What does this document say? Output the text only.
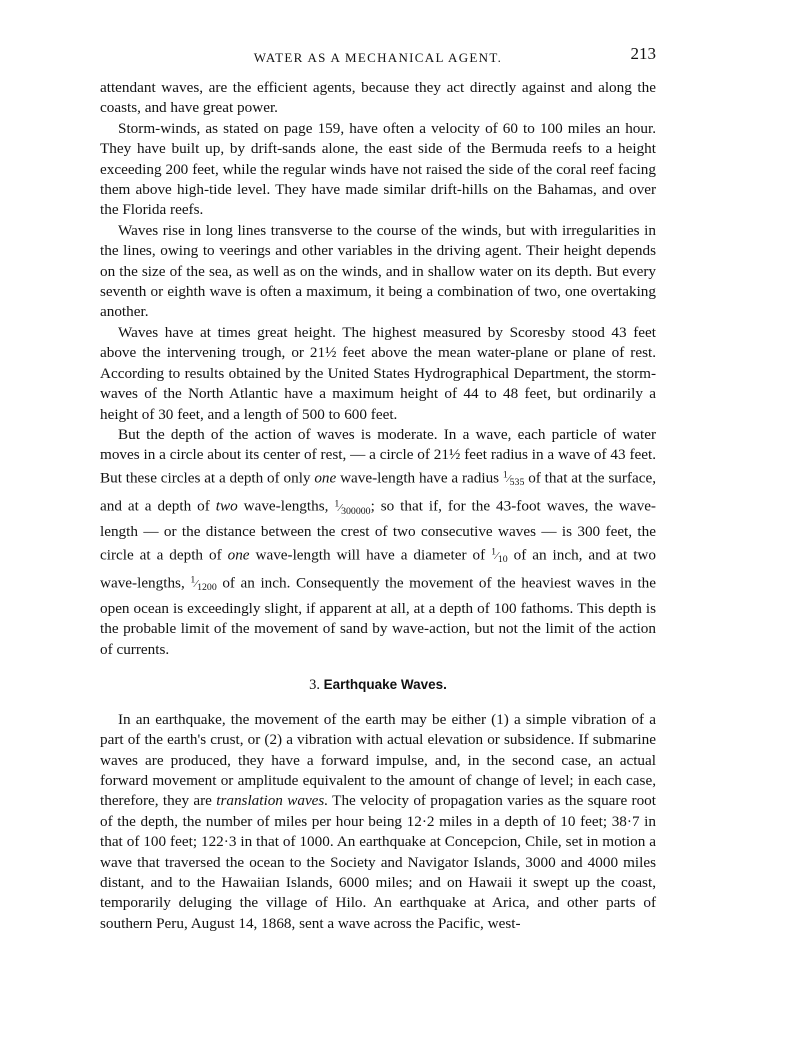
WATER AS A MECHANICAL AGENT.	213

attendant waves, are the efficient agents, because they act directly against and along the coasts, and have great power.

Storm-winds, as stated on page 159, have often a velocity of 60 to 100 miles an hour. They have built up, by drift-sands alone, the east side of the Bermuda reefs to a height exceeding 200 feet, while the regular winds have not raised the side of the coral reef facing them above high-tide level. They have made similar drift-hills on the Bahamas, and over the Florida reefs.

Waves rise in long lines transverse to the course of the winds, but with irregularities in the lines, owing to veerings and other variables in the driving agent. Their height depends on the size of the sea, as well as on the winds, and in shallow water on its depth. But every seventh or eighth wave is often a maximum, it being a combination of two, one overtaking another.

Waves have at times great height. The highest measured by Scoresby stood 43 feet above the intervening trough, or 21½ feet above the mean water-plane or plane of rest. According to results obtained by the United States Hydrographical Department, the storm-waves of the North Atlantic have a maximum height of 44 to 48 feet, but ordinarily a height of 30 feet, and a length of 500 to 600 feet.

But the depth of the action of waves is moderate. In a wave, each particle of water moves in a circle about its center of rest, — a circle of 21½ feet radius in a wave of 43 feet. But these circles at a depth of only one wave-length have a radius $^1⁄_{535}$ of that at the surface, and at a depth of two wave-lengths, $^1⁄_{300000}$; so that if, for the 43-foot waves, the wave-length — or the distance between the crest of two consecutive waves — is 300 feet, the circle at a depth of one wave-length will have a diameter of $^1⁄_{10}$ of an inch, and at two wave-lengths, $^1⁄_{1200}$ of an inch. Consequently the movement of the heaviest waves in the open ocean is exceedingly slight, if apparent at all, at a depth of 100 fathoms. This depth is the probable limit of the movement of sand by wave-action, but not the limit of the action of currents.

3. Earthquake Waves.

In an earthquake, the movement of the earth may be either (1) a simple vibration of a part of the earth's crust, or (2) a vibration with actual elevation or subsidence. If submarine waves are produced, they have a forward impulse, and, in the second case, an actual forward movement or amplitude equivalent to the amount of change of level; in each case, therefore, they are translation waves. The velocity of propagation varies as the square root of the depth, the number of miles per hour being 12·2 miles in a depth of 10 feet; 38·7 in that of 100 feet; 122·3 in that of 1000. An earthquake at Concepcion, Chile, set in motion a wave that traversed the ocean to the Society and Navigator Islands, 3000 and 4000 miles distant, and to the Hawaiian Islands, 6000 miles; and on Hawaii it swept up the coast, temporarily deluging the village of Hilo. An earthquake at Arica, and other parts of southern Peru, August 14, 1868, sent a wave across the Pacific, west-
